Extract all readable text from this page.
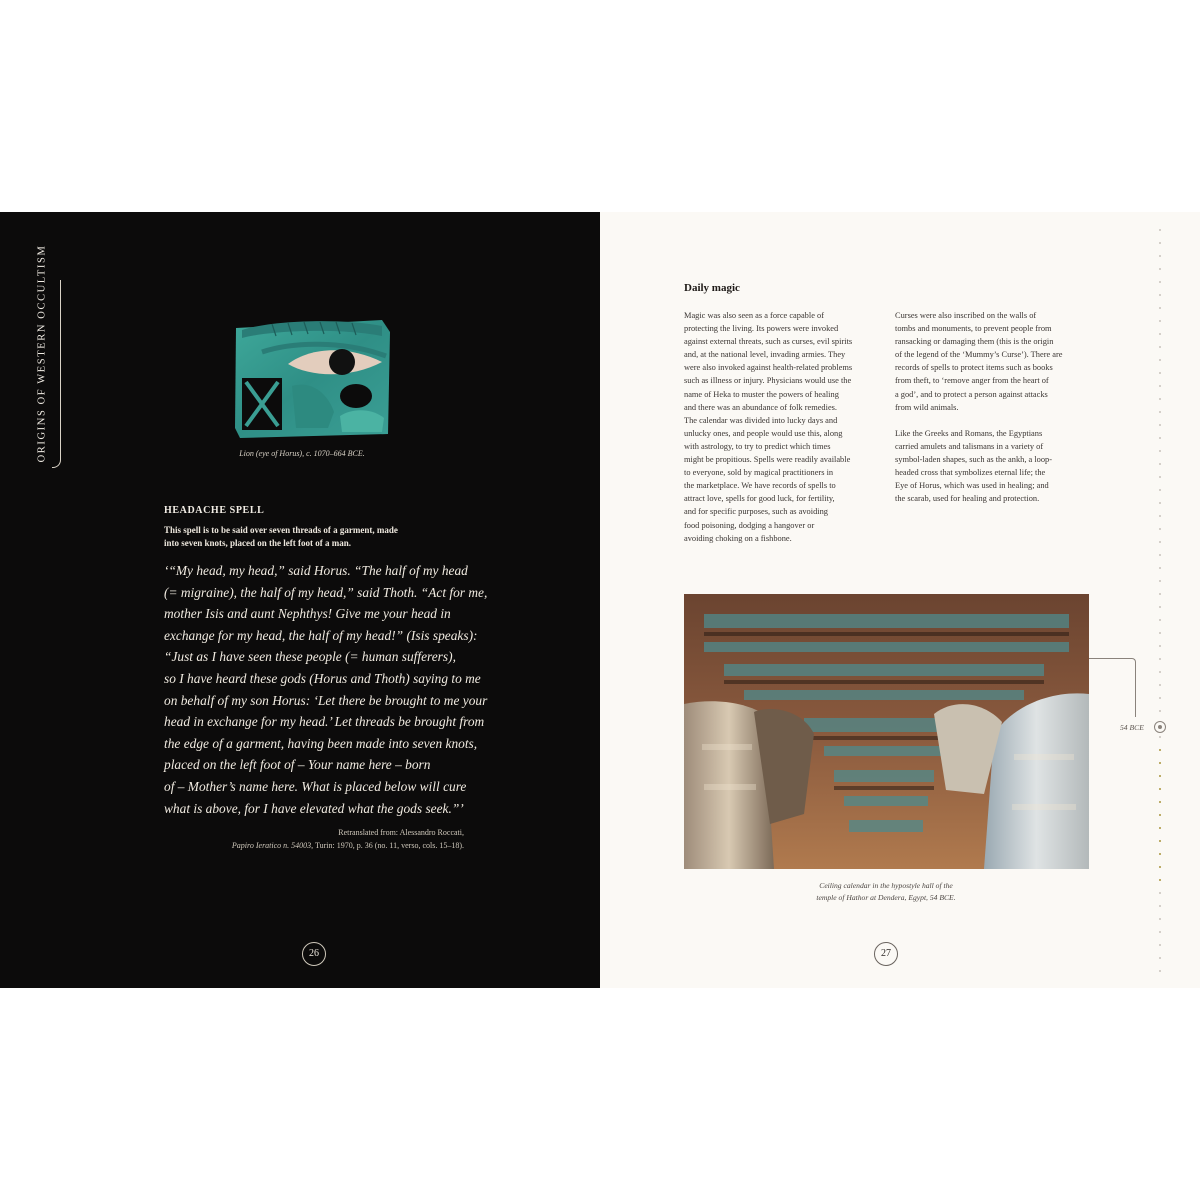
ORIGINS OF WESTERN OCCULTISM	Lion (eye of Horus), c. 1070–664 BCE.
HEADACHE SPELL
This spell is to be said over seven threads of a garment, made
into seven knots, placed on the left foot of a man.
‘“My head, my head,” said Horus. “The half of my head
(= migraine), the half of my head,” said Thoth. “Act for me,
mother Isis and aunt Nephthys! Give me your head in
exchange for my head, the half of my head!” (Isis speaks):
“Just as I have seen these people (= human sufferers),
so I have heard these gods (Horus and Thoth) saying to me
on behalf of my son Horus: ‘Let there be brought to me your
head in exchange for my head.’ Let threads be brought from
the edge of a garment, having been made into seven knots,
placed on the left foot of – Your name here – born
of – Mother’s name here. What is placed below will cure
what is above, for I have elevated what the gods seek.”’
Retranslated from: Alessandro Roccati,
Papiro Ieratico n. 54003, Turin: 1970, p. 36 (no. 11, verso, cols. 15–18).
26
Daily magic
Magic was also seen as a force capable of
protecting the living. Its powers were invoked
against external threats, such as curses, evil spirits
and, at the national level, invading armies. They
were also invoked against health-related problems
such as illness or injury. Physicians would use the
name of Heka to muster the powers of healing
and there was an abundance of folk remedies.
The calendar was divided into lucky days and
unlucky ones, and people would use this, along
with astrology, to try to predict which times
might be propitious. Spells were readily available
to everyone, sold by magical practitioners in
the marketplace. We have records of spells to
attract love, spells for good luck, for fertility,
and for specific purposes, such as avoiding
food poisoning, dodging a hangover or
avoiding choking on a fishbone.
Curses were also inscribed on the walls of
tombs and monuments, to prevent people from
ransacking or damaging them (this is the origin
of the legend of the ‘Mummy’s Curse’). There are
records of spells to protect items such as books
from theft, to ‘remove anger from the heart of
a god’, and to protect a person against attacks
from wild animals.
Like the Greeks and Romans, the Egyptians
carried amulets and talismans in a variety of
symbol-laden shapes, such as the ankh, a loop-
headed cross that symbolizes eternal life; the
Eye of Horus, which was used in healing; and
the scarab, used for healing and protection.
54 BCE
Ceiling calendar in the hypostyle hall of the
temple of Hathor at Dendera, Egypt, 54 BCE.
27
